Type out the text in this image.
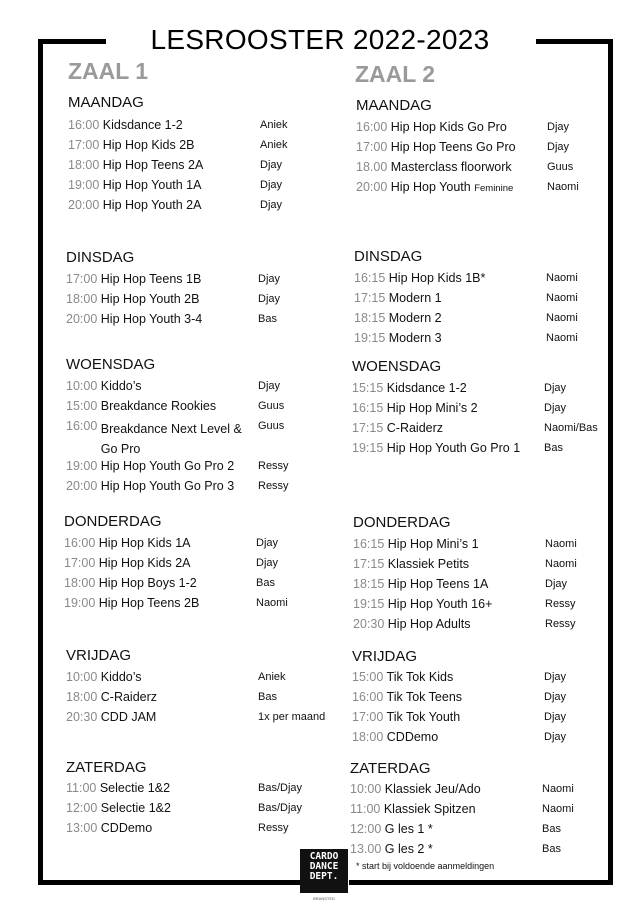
LESROOSTER 2022-2023
ZAAL 1	ZAAL 2
MAANDAG
16:00 Kidsdance 1-2	Aniek
17:00 Hip Hop Kids 2B	Aniek
18:00 Hip Hop Teens 2A	Djay
19:00 Hip Hop Youth 1A	Djay
20:00 Hip Hop Youth 2A	Djay
DINSDAG
17:00 Hip Hop Teens 1B	Djay
18:00 Hip Hop Youth 2B	Djay
20:00 Hip Hop Youth 3-4	Bas
WOENSDAG
10:00 Kiddo’s	Djay
15:00 Breakdance Rookies	Guus
16:00 Breakdance Next Level & Go Pro
Guus
19:00 Hip Hop Youth Go Pro 2 Ressy
20:00 Hip Hop Youth Go Pro 3 Ressy
DONDERDAG
16:00 Hip Hop Kids 1A	Djay
17:00 Hip Hop Kids 2A	Djay
18:00 Hip Hop Boys 1-2	Bas
19:00 Hip Hop Teens 2B	Naomi
VRIJDAG
10:00 Kiddo’s	Aniek
18:00 C-Raiderz	Bas
20:30 CDD JAM	1x per maand
ZATERDAG
11:00 Selectie 1&2	Bas/Djay
12:00 Selectie 1&2	Bas/Djay
13:00 CDDemo	Ressy
MAANDAG
16:00 Hip Hop Kids Go Pro	Djay
17:00 Hip Hop Teens Go Pro	Djay
18.00 Masterclass floorwork	Guus
20:00 Hip Hop Youth Feminine	Naomi
DINSDAG
16:15 Hip Hop Kids 1B*	Naomi
17:15 Modern 1	Naomi
18:15 Modern 2	Naomi
19:15 Modern 3	Naomi
WOENSDAG
15:15 Kidsdance 1-2	Djay
16:15 Hip Hop Mini’s 2	Djay
17:15 C-Raiderz	Naomi/Bas
19:15 Hip Hop Youth Go Pro 1 Bas
DONDERDAG
16:15 Hip Hop Mini’s 1	Naomi
17:15 Klassiek Petits	Naomi
18:15 Hip Hop Teens 1A	Djay
19:15 Hip Hop Youth 16+	Ressy
20:30 Hip Hop Adults	Ressy
VRIJDAG
15:00 Tik Tok Kids	Djay
16:00 Tik Tok Teens	Djay
17:00 Tik Tok Youth	Djay
18:00 CDDemo	Djay
ZATERDAG
10:00 Klassiek Jeu/Ado	Naomi
11:00 Klassiek Spitzen	Naomi
12:00 G les 1 *	Bas
13.00 G les 2 *	Bas
CARDO
DANCE
DEPT.
BRANSTED
* start bij voldoende aanmeldingen
